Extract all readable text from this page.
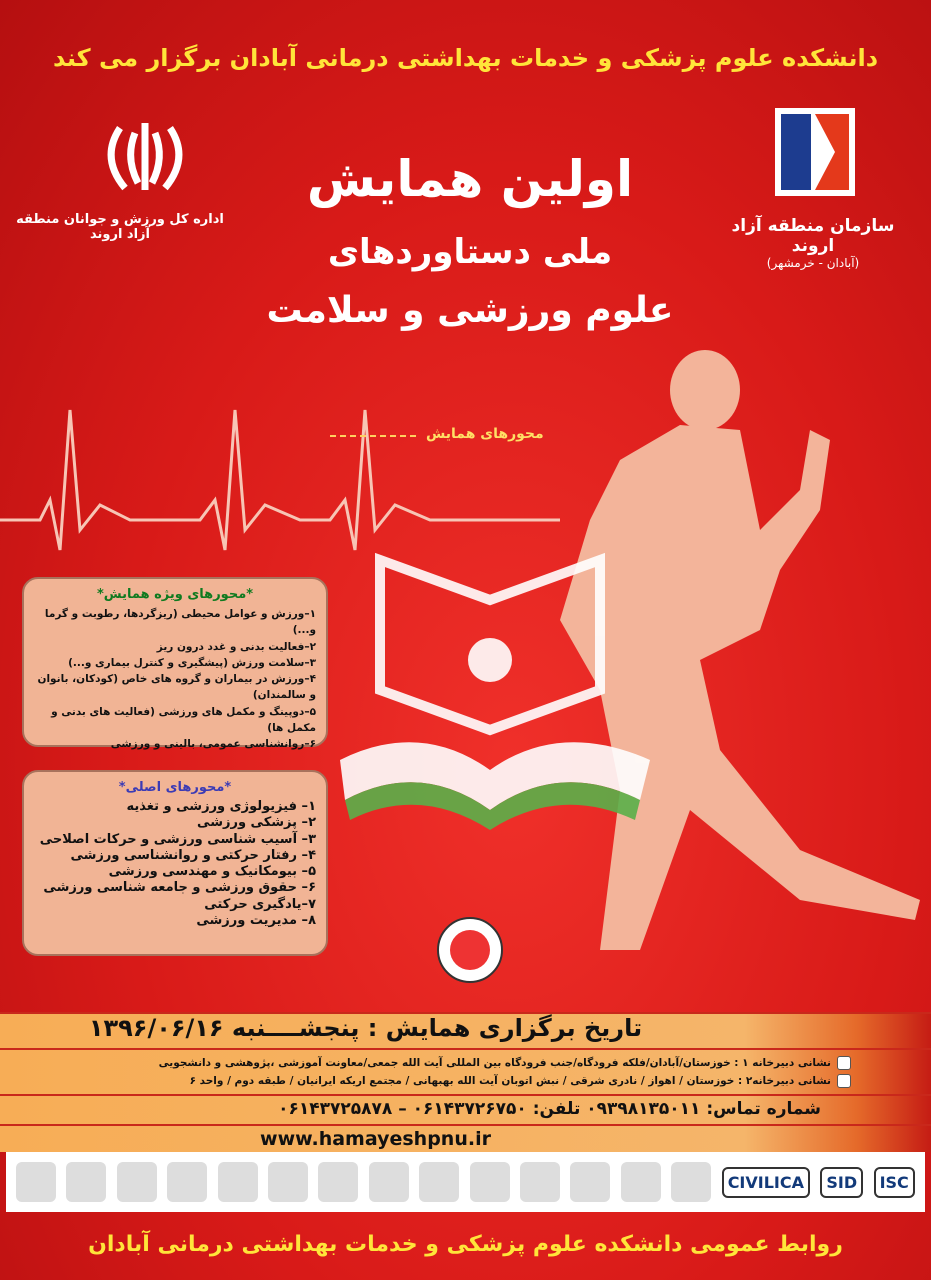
دانشکده علوم پزشکی و خدمات بهداشتی درمانی آبادان برگزار می کند
سازمان منطقه آزاد اروند
(آبادان - خرمشهر)
اداره کل ورزش و جوانان منطقه آزاد اروند
اولین همایش
ملی دستاوردهای
علوم ورزشی و سلامت
محورهای همایش
*محورهای ویژه همایش*
۱–ورزش و عوامل محیطی (ریزگردها، رطوبت و گرما و...)
۲–فعالیت بدنی و غدد درون ریز
۳–سلامت ورزش (پیشگیری و کنترل بیماری و...)
۴–ورزش در بیماران و گروه های خاص (کودکان، بانوان و سالمندان)
۵–دوپینگ و مکمل های ورزشی (فعالیت های بدنی و مکمل ها)
۶–روانشناسی عمومی، بالینی و ورزشی
*محورهای اصلی*
۱– فیزیولوژی ورزشی و تغذیه
۲– پزشکی ورزشی
۳– آسیب شناسی ورزشی و حرکات اصلاحی
۴– رفتار حرکتی و روانشناسی ورزشی
۵– بیومکانیک و مهندسی ورزشی
۶– حقوق ورزشی و جامعه شناسی ورزشی
۷–یادگیری حرکتی
۸– مدیریت ورزشی
تاریخ برگزاری همایش : پنجشــــنبه ۱۳۹۶/۰۶/۱۶
نشانی دبیرخانه ۱ : خوزستان/آبادان/فلکه فرودگاه/جنب فرودگاه بین المللی آیت الله جمعی/معاونت آموزشی ،پژوهشی و دانشجویی
نشانی دبیرخانه۲ : خوزستان / اهواز / نادری شرقی / نبش اتوبان آیت الله بهبهانی / مجتمع اریکه ایرانیان / طبقه دوم / واحد ۶
شماره تماس: ۰۹۳۹۸۱۳۵۰۱۱ تلفن: ۰۶۱۴۳۷۲۶۷۵۰ – ۰۶۱۴۳۷۲۵۸۷۸
www.hamayeshpnu.ir
CIVILICA	SID	ISC
روابط عمومی دانشکده علوم پزشکی و خدمات بهداشتی درمانی آبادان
